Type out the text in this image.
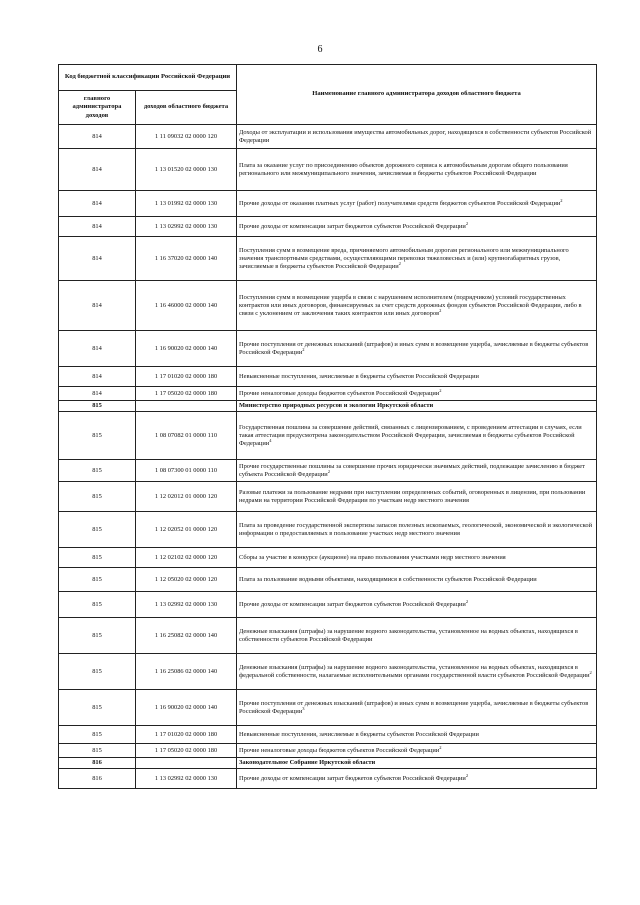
6
Код бюджетной классификации Российской Федерации		Наименование главного администратора доходов областного бюджета
главного администратора доходов	доходов областного бюджета	
814	1 11 09032 02 0000 120	Доходы от эксплуатации и использования имущества автомобильных дорог, находящихся в собственности субъектов Российской Федерации
814	1 13 01520 02 0000 130	Плата за оказание услуг по присоединению объектов дорожного сервиса к автомобильным дорогам общего пользования регионального или межмуниципального значения, зачисляемая в бюджеты субъектов Российской Федерации
814	1 13 01992 02 0000 130	Прочие доходы от оказания платных услуг (работ) получателями средств бюджетов субъектов Российской Федерации$^2$
814	1 13 02992 02 0000 130	Прочие доходы от компенсации затрат бюджетов субъектов Российской Федерации$^2$
814	1 16 37020 02 0000 140	Поступления сумм в возмещение вреда, причиняемого автомобильным дорогам регионального или межмуниципального значения транспортными средствами, осуществляющими перевозки тяжеловесных и (или) крупногабаритных грузов, зачисляемые в бюджеты субъектов Российской Федерации$^2$
814	1 16 46000 02 0000 140	Поступления сумм в возмещение ущерба в связи с нарушением исполнителем (подрядчиком) условий государственных контрактов или иных договоров, финансируемых за счет средств дорожных фондов субъектов Российской Федерации, либо в связи с уклонением от заключения таких контрактов или иных договоров$^2$
814	1 16 90020 02 0000 140	Прочие поступления от денежных взысканий (штрафов) и иных сумм в возмещение ущерба, зачисляемые в бюджеты субъектов Российской Федерации$^2$
814	1 17 01020 02 0000 180	Невыясненные поступления, зачисляемые в бюджеты субъектов Российской Федерации
814	1 17 05020 02 0000 180	Прочие неналоговые доходы бюджетов субъектов Российской Федерации$^2$
815		Министерство природных ресурсов и экологии Иркутской области
815	1 08 07082 01 0000 110	Государственная пошлина за совершение действий, связанных с лицензированием, с проведением аттестации в случаях, если такая аттестация предусмотрена законодательством Российской Федерации, зачисляемая в бюджеты субъектов Российской Федерации$^4$
815	1 08 07300 01 0000 110	Прочие государственные пошлины за совершение прочих юридически значимых действий, подлежащие зачислению в бюджет субъекта Российской Федерации$^2$
815	1 12 02012 01 0000 120	Разовые платежи за пользование недрами при наступлении определенных событий, оговоренных в лицензии, при пользовании недрами на территории Российской Федерации по участкам недр местного значения
815	1 12 02052 01 0000 120	Плата за проведение государственной экспертизы запасов полезных ископаемых, геологической, экономической и экологической информации о предоставляемых в пользование участках недр местного значения
815	1 12 02102 02 0000 120	Сборы за участие в конкурсе (аукционе) на право пользования участками недр местного значения
815	1 12 05020 02 0000 120	Плата за пользование водными объектами, находящимися в собственности субъектов Российской Федерации
815	1 13 02992 02 0000 130	Прочие доходы от компенсации затрат бюджетов субъектов Российской Федерации$^2$
815	1 16 25082 02 0000 140	Денежные взыскания (штрафы) за нарушение водного законодательства, установленное на водных объектах, находящихся в собственности субъектов Российской Федерации
815	1 16 25086 02 0000 140	Денежные взыскания (штрафы) за нарушение водного законодательства, установленное на водных объектах, находящихся в федеральной собственности, налагаемые исполнительными органами государственной власти субъектов Российской Федерации$^2$
815	1 16 90020 02 0000 140	Прочие поступления от денежных взысканий (штрафов) и иных сумм в возмещение ущерба, зачисляемые в бюджеты субъектов Российской Федерации$^3$
815	1 17 01020 02 0000 180	Невыясненные поступления, зачисляемые в бюджеты субъектов Российской Федерации
815	1 17 05020 02 0000 180	Прочие неналоговые доходы бюджетов субъектов Российской Федерации$^2$
816		Законодательное Собрание Иркутской области
816	1 13 02992 02 0000 130	Прочие доходы от компенсации затрат бюджетов субъектов Российской Федерации$^2$
